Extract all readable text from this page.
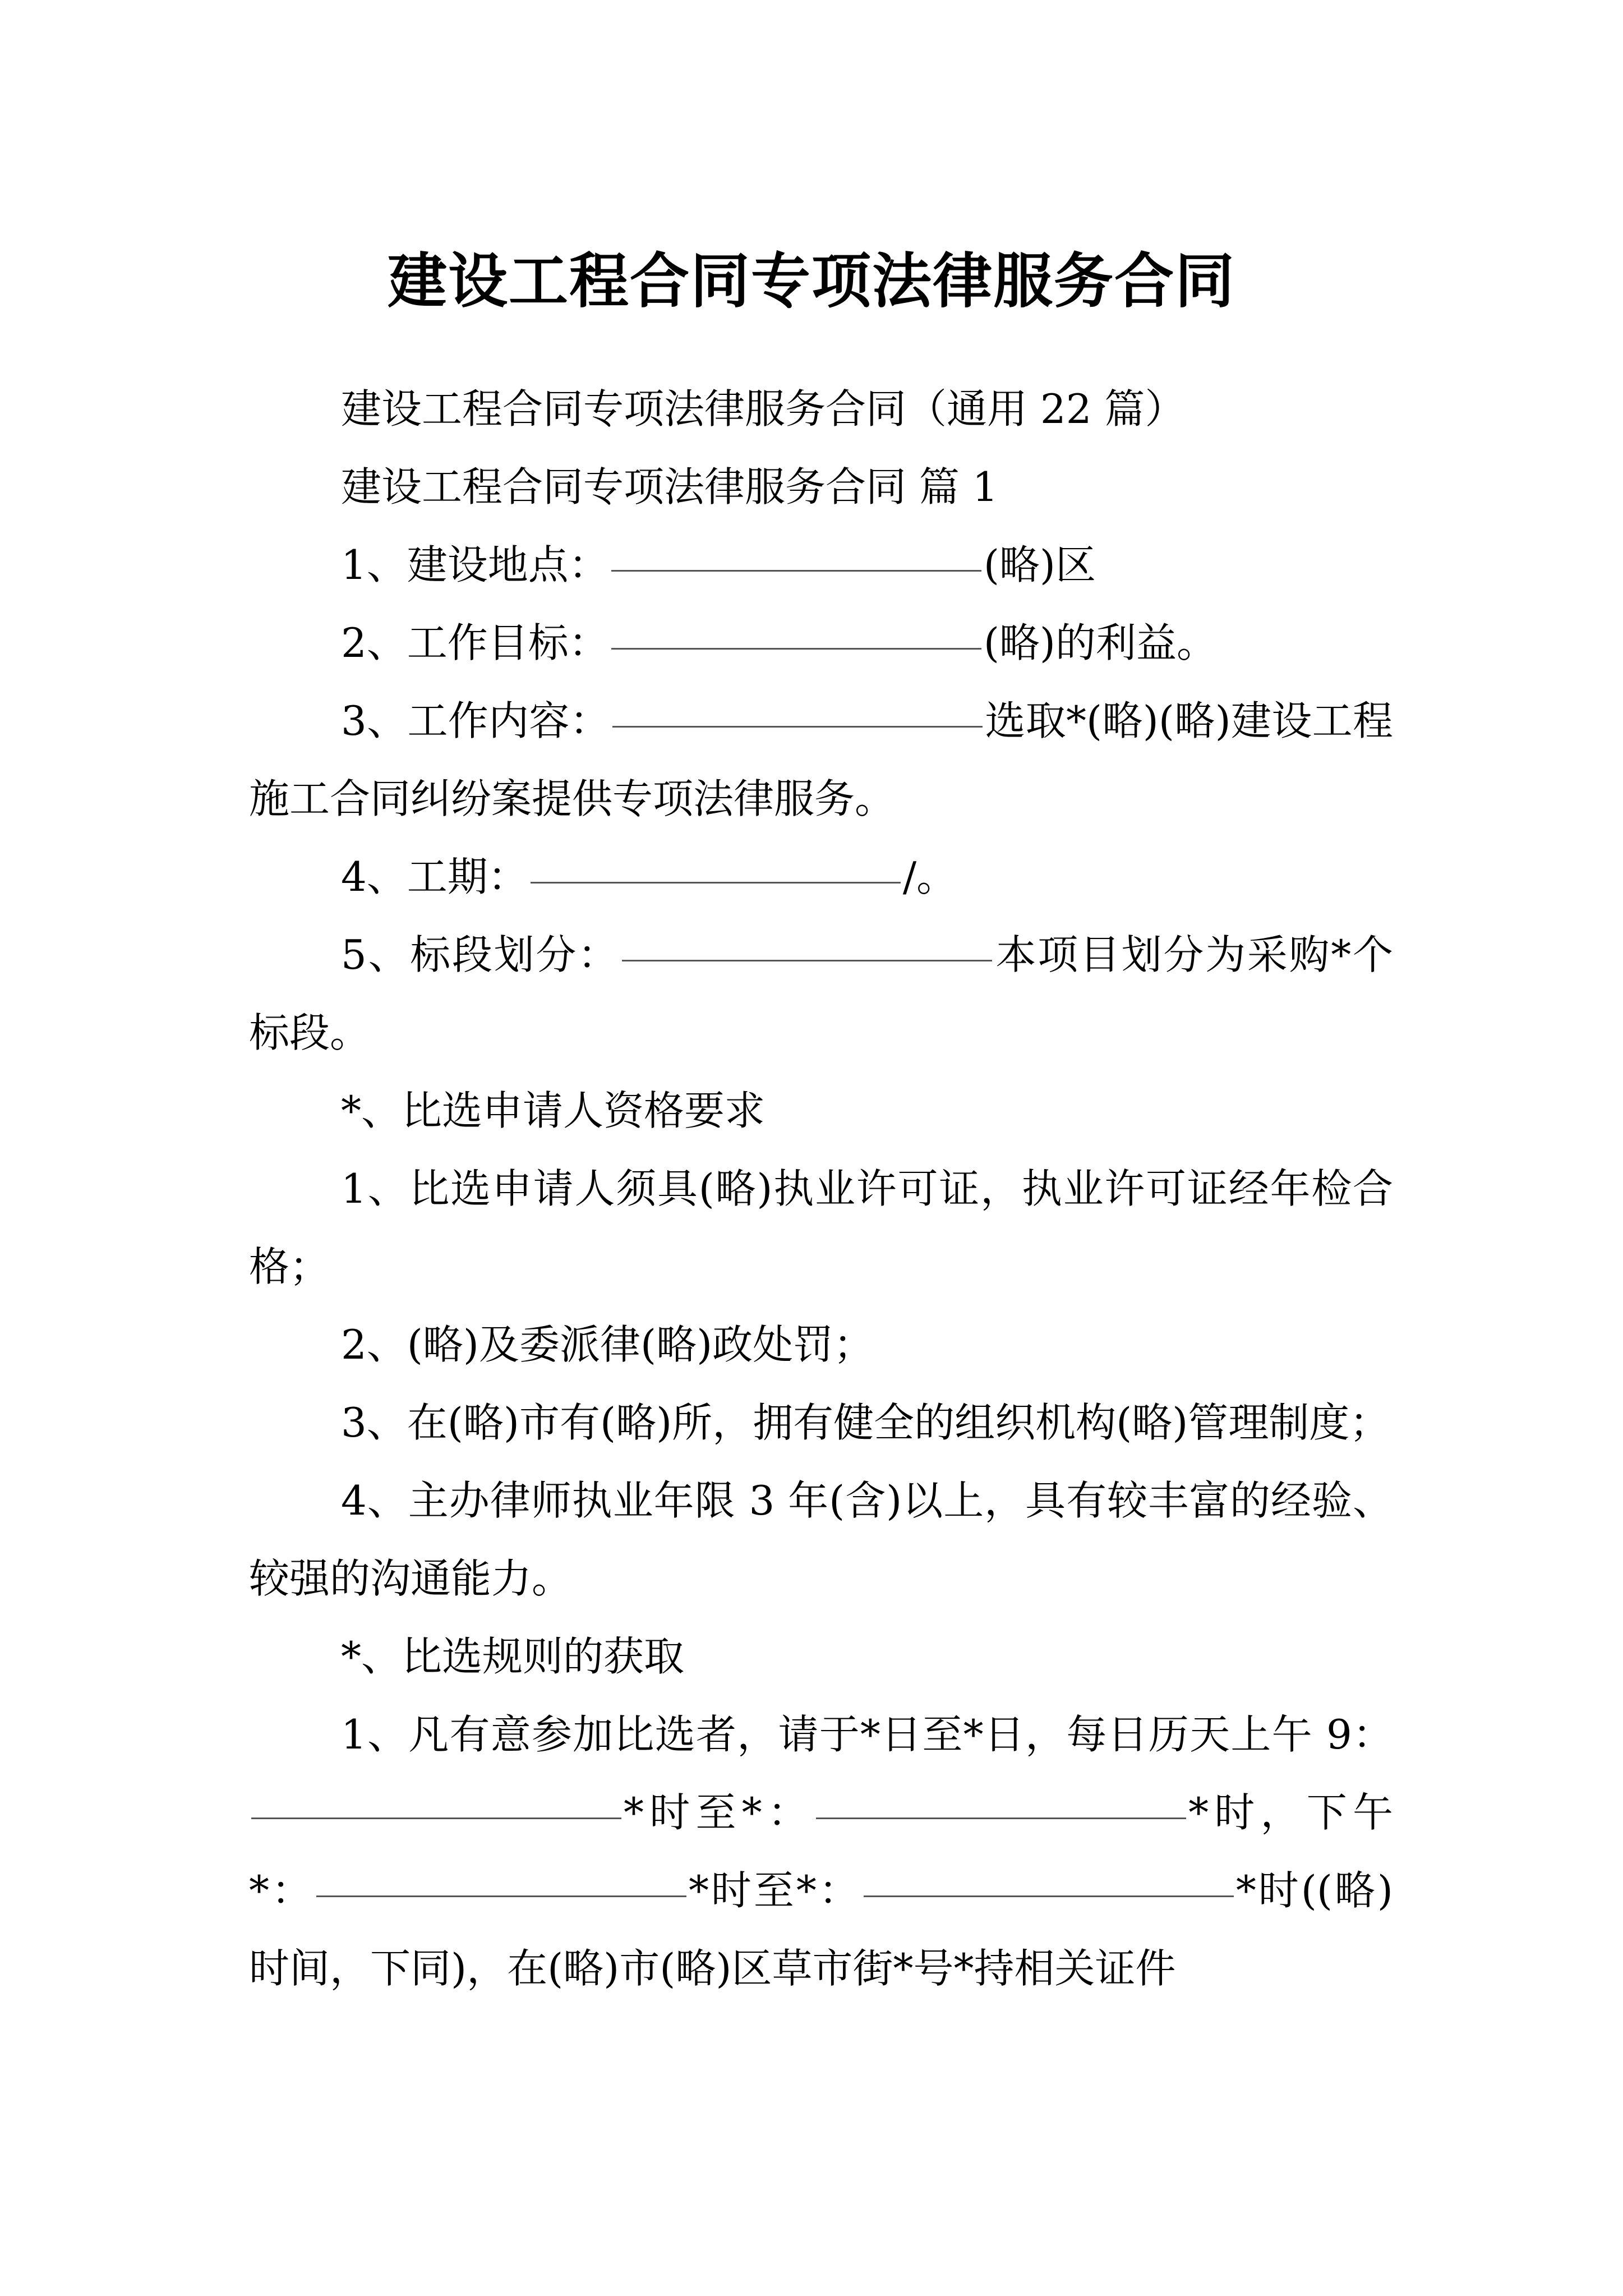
建设工程合同专项法律服务合同

建设工程合同专项法律服务合同（通用 22 篇）

建设工程合同专项法律服务合同 篇 1

1、建设地点：	(略)区

2、工作目标：	(略)的利益。

3、工作内容：	选取*(略)(略)建设工程施工合同纠纷案提供专项法律服务。

4、工期：	/。

5、标段划分：	本项目划分为采购*个标段。

*、比选申请人资格要求

1、比选申请人须具(略)执业许可证，执业许可证经年检合格；

2、(略)及委派律(略)政处罚；

3、在(略)市有(略)所，拥有健全的组织机构(略)管理制度；

4、主办律师执业年限 3 年(含)以上，具有较丰富的经验、较强的沟通能力。

*、比选规则的获取

1、凡有意参加比选者，请于*日至*日，每日历天上午 9：*时至*：	*时，下午*：	*时至*：	*时((略)时间，下同)，在(略)市(略)区草市街*号*持相关证件
